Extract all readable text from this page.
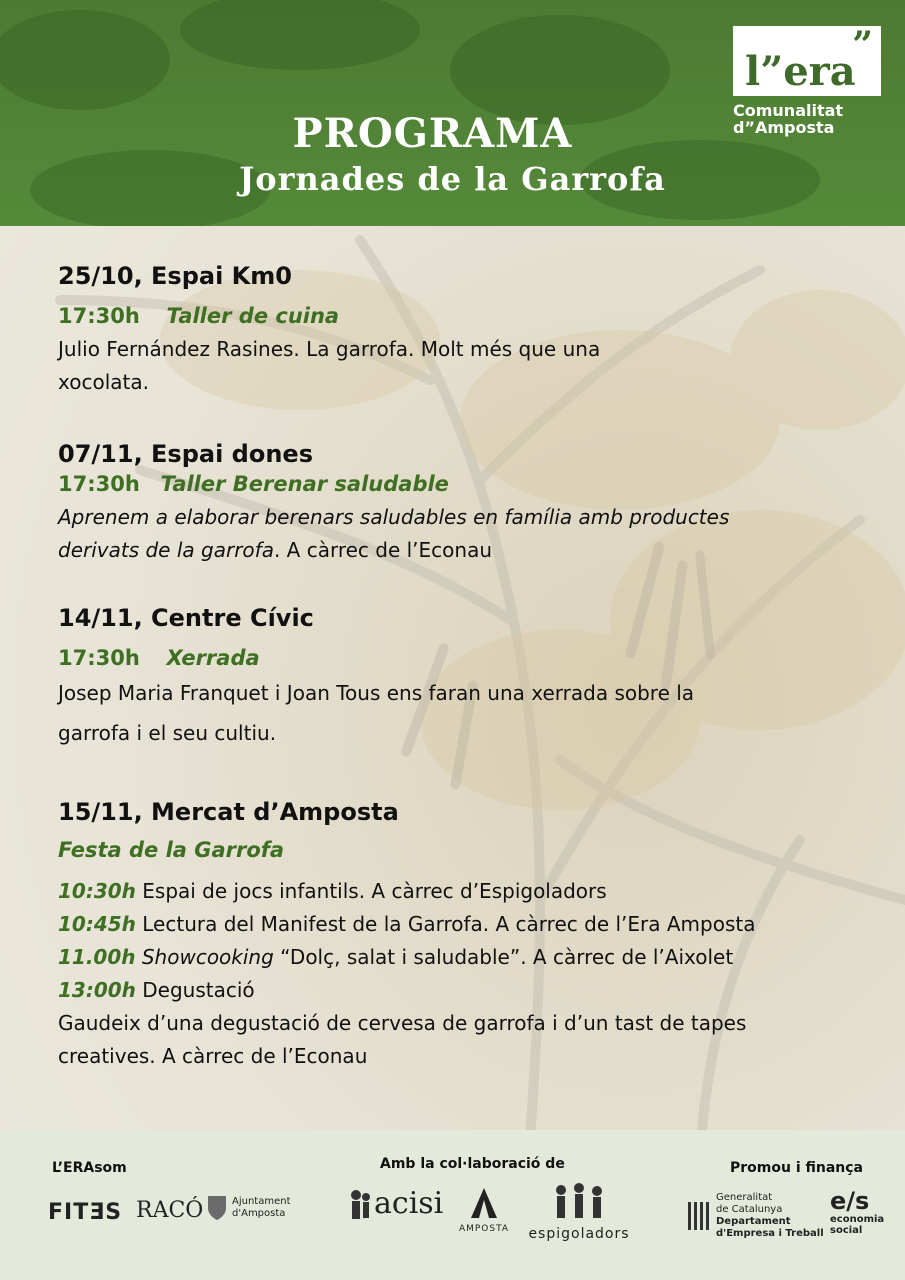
PROGRAMA
Jornades de la Garrofa
”
l”era
Comunalitat
d”Amposta
25/10, Espai Km0
17:30h Taller de cuina
Julio Fernández Rasines. La garrofa. Molt més que una
xocolata.
07/11, Espai dones
17:30h Taller Berenar saludable
Aprenem a elaborar berenars saludables en família amb productes
derivats de la garrofa. A càrrec de l’Econau
14/11, Centre Cívic
17:30h Xerrada
Josep Maria Franquet i Joan Tous ens faran una xerrada sobre la
garrofa i el seu cultiu.
15/11, Mercat d’Amposta
Festa de la Garrofa
10:30h Espai de jocs infantils. A càrrec d’Espigoladors
10:45h Lectura del Manifest de la Garrofa. A càrrec de l’Era Amposta
11.00h Showcooking “Dolç, salat i saludable”. A càrrec de l’Aixolet
13:00h Degustació
Gaudeix d’una degustació de cervesa de garrofa i d’un tast de tapes
creatives. A càrrec de l’Econau
L’ERAsom	Amb la col·laboració de	Promou i finança
FITƎS RACÓ	Ajuntament
d'Amposta	acisi
AMPOSTA espigoladors
Generalitat
de Catalunya
Departament
d'Empresa i Treball
e/s
economia
social
